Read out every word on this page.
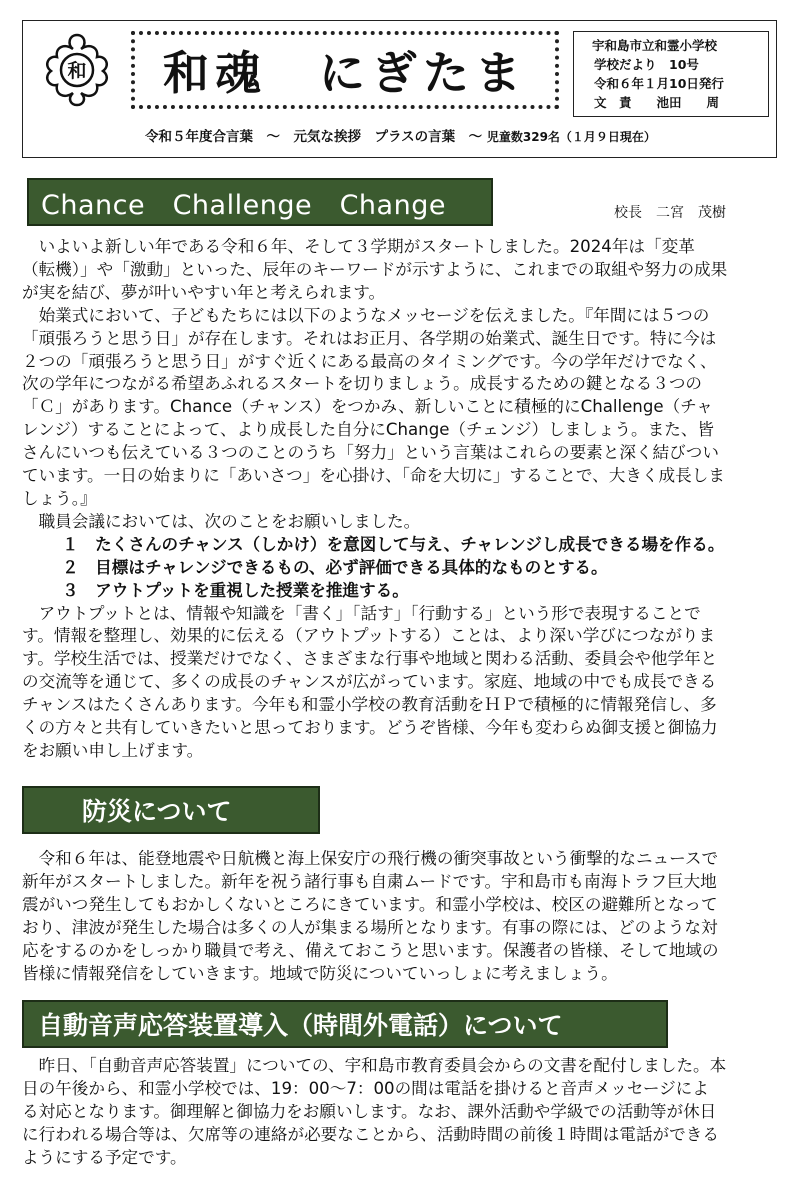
和 和魂　にぎたま
宇和島市立和霊小学校
学校だより　10号
令和６年１月10日発行
文　責　　池田　　周
令和５年度合言葉　～　元気な挨拶　プラスの言葉　～ 児童数329名（１月９日現在）
Chance　Challenge　Change	校長　二宮　茂樹

　いよいよ新しい年である令和６年、そして３学期がスタートしました。2024年は「変革

（転機）」や「激動」といった、辰年のキーワードが示すように、これまでの取組や努力の成果

が実を結び、夢が叶いやすい年と考えられます。

　始業式において、子どもたちには以下のようなメッセージを伝えました。『年間には５つの

「頑張ろうと思う日」が存在します。それはお正月、各学期の始業式、誕生日です。特に今は

２つの「頑張ろうと思う日」がすぐ近くにある最高のタイミングです。今の学年だけでなく、

次の学年につながる希望あふれるスタートを切りましょう。成長するための鍵となる３つの

「Ｃ」があります。Chance（チャンス）をつかみ、新しいことに積極的にChallenge（チャ

レンジ）することによって、より成長した自分にChange（チェンジ）しましょう。また、皆

さんにいつも伝えている３つのことのうち「努力」という言葉はこれらの要素と深く結びつい

ています。一日の始まりに「あいさつ」を心掛け、「命を大切に」することで、大きく成長しま

しょう。』

　職員会議においては、次のことをお願いしました。

１　たくさんのチャンス（しかけ）を意図して与え、チャレンジし成長できる場を作る。

２　目標はチャレンジできるもの、必ず評価できる具体的なものとする。

３　アウトプットを重視した授業を推進する。

　アウトプットとは、情報や知識を「書く」「話す」「行動する」という形で表現することで

す。情報を整理し、効果的に伝える（アウトプットする）ことは、より深い学びにつながりま

す。学校生活では、授業だけでなく、さまざまな行事や地域と関わる活動、委員会や他学年と

の交流等を通じて、多くの成長のチャンスが広がっています。家庭、地域の中でも成長できる

チャンスはたくさんあります。今年も和霊小学校の教育活動をＨＰで積極的に情報発信し、多

くの方々と共有していきたいと思っております。どうぞ皆様、今年も変わらぬ御支援と御協力

をお願い申し上げます。

防災について

　令和６年は、能登地震や日航機と海上保安庁の飛行機の衝突事故という衝撃的なニュースで

新年がスタートしました。新年を祝う諸行事も自粛ムードです。宇和島市も南海トラフ巨大地

震がいつ発生してもおかしくないところにきています。和霊小学校は、校区の避難所となって

おり、津波が発生した場合は多くの人が集まる場所となります。有事の際には、どのような対

応をするのかをしっかり職員で考え、備えておこうと思います。保護者の皆様、そして地域の

皆様に情報発信をしていきます。地域で防災についていっしょに考えましょう。

自動音声応答装置導入（時間外電話）について

　昨日、「自動音声応答装置」についての、宇和島市教育委員会からの文書を配付しました。本

日の午後から、和霊小学校では、19：00～7：00の間は電話を掛けると音声メッセージによ

る対応となります。御理解と御協力をお願いします。なお、課外活動や学級での活動等が休日

に行われる場合等は、欠席等の連絡が必要なことから、活動時間の前後１時間は電話ができる

ようにする予定です。
